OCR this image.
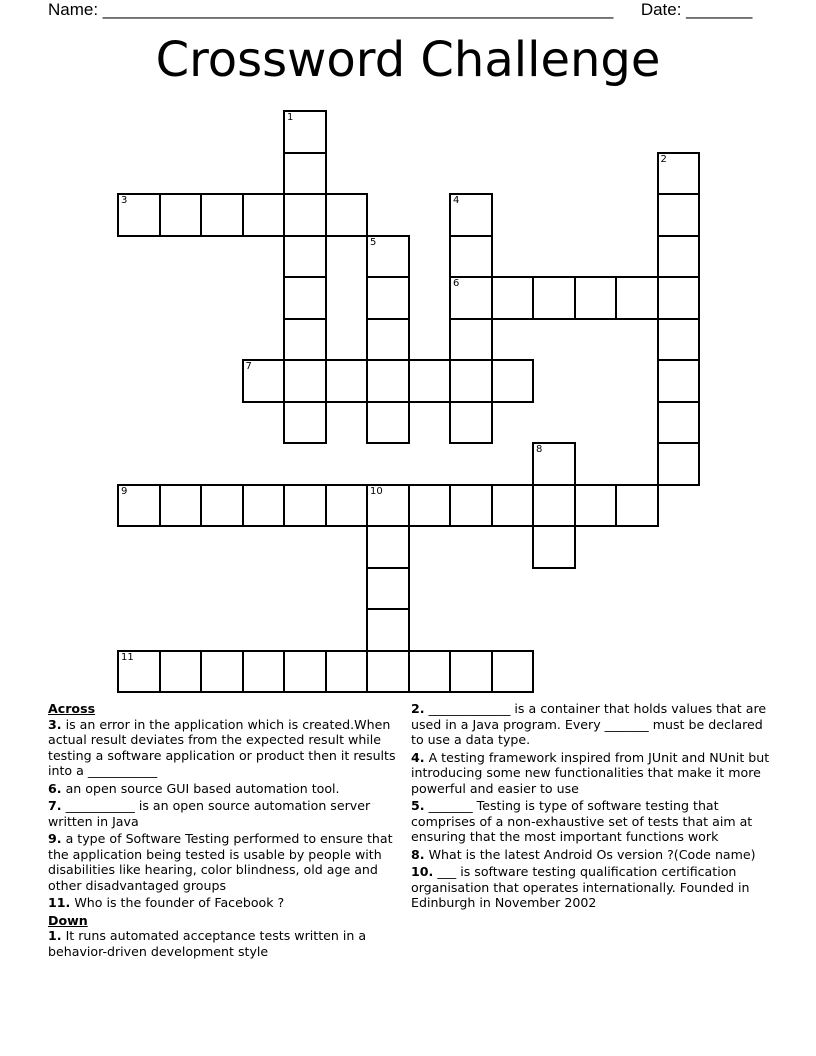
Name: ______________________________________________________ Date: _______
Crossword Challenge
1
2
3	4
5
6
7
8
9	10
11
Across
3. is an error in the application which is created.When actual result deviates from the expected result while testing a software application or product then it results into a ___________
6. an open source GUI based automation tool.
7. ___________ is an open source automation server written in Java
9. a type of Software Testing performed to ensure that the application being tested is usable by people with disabilities like hearing, color blindness, old age and other disadvantaged groups
11. Who is the founder of Facebook ?
Down
1. It runs automated acceptance tests written in a behavior-driven development style
2. _____________ is a container that holds values that are used in a Java program. Every _______ must be declared to use a data type.
4. A testing framework inspired from JUnit and NUnit but introducing some new functionalities that make it more powerful and easier to use
5. _______ Testing is type of software testing that comprises of a non-exhaustive set of tests that aim at ensuring that the most important functions work
8. What is the latest Android Os version ?(Code name)
10. ___ is software testing qualification certification organisation that operates internationally. Founded in Edinburgh in November 2002
